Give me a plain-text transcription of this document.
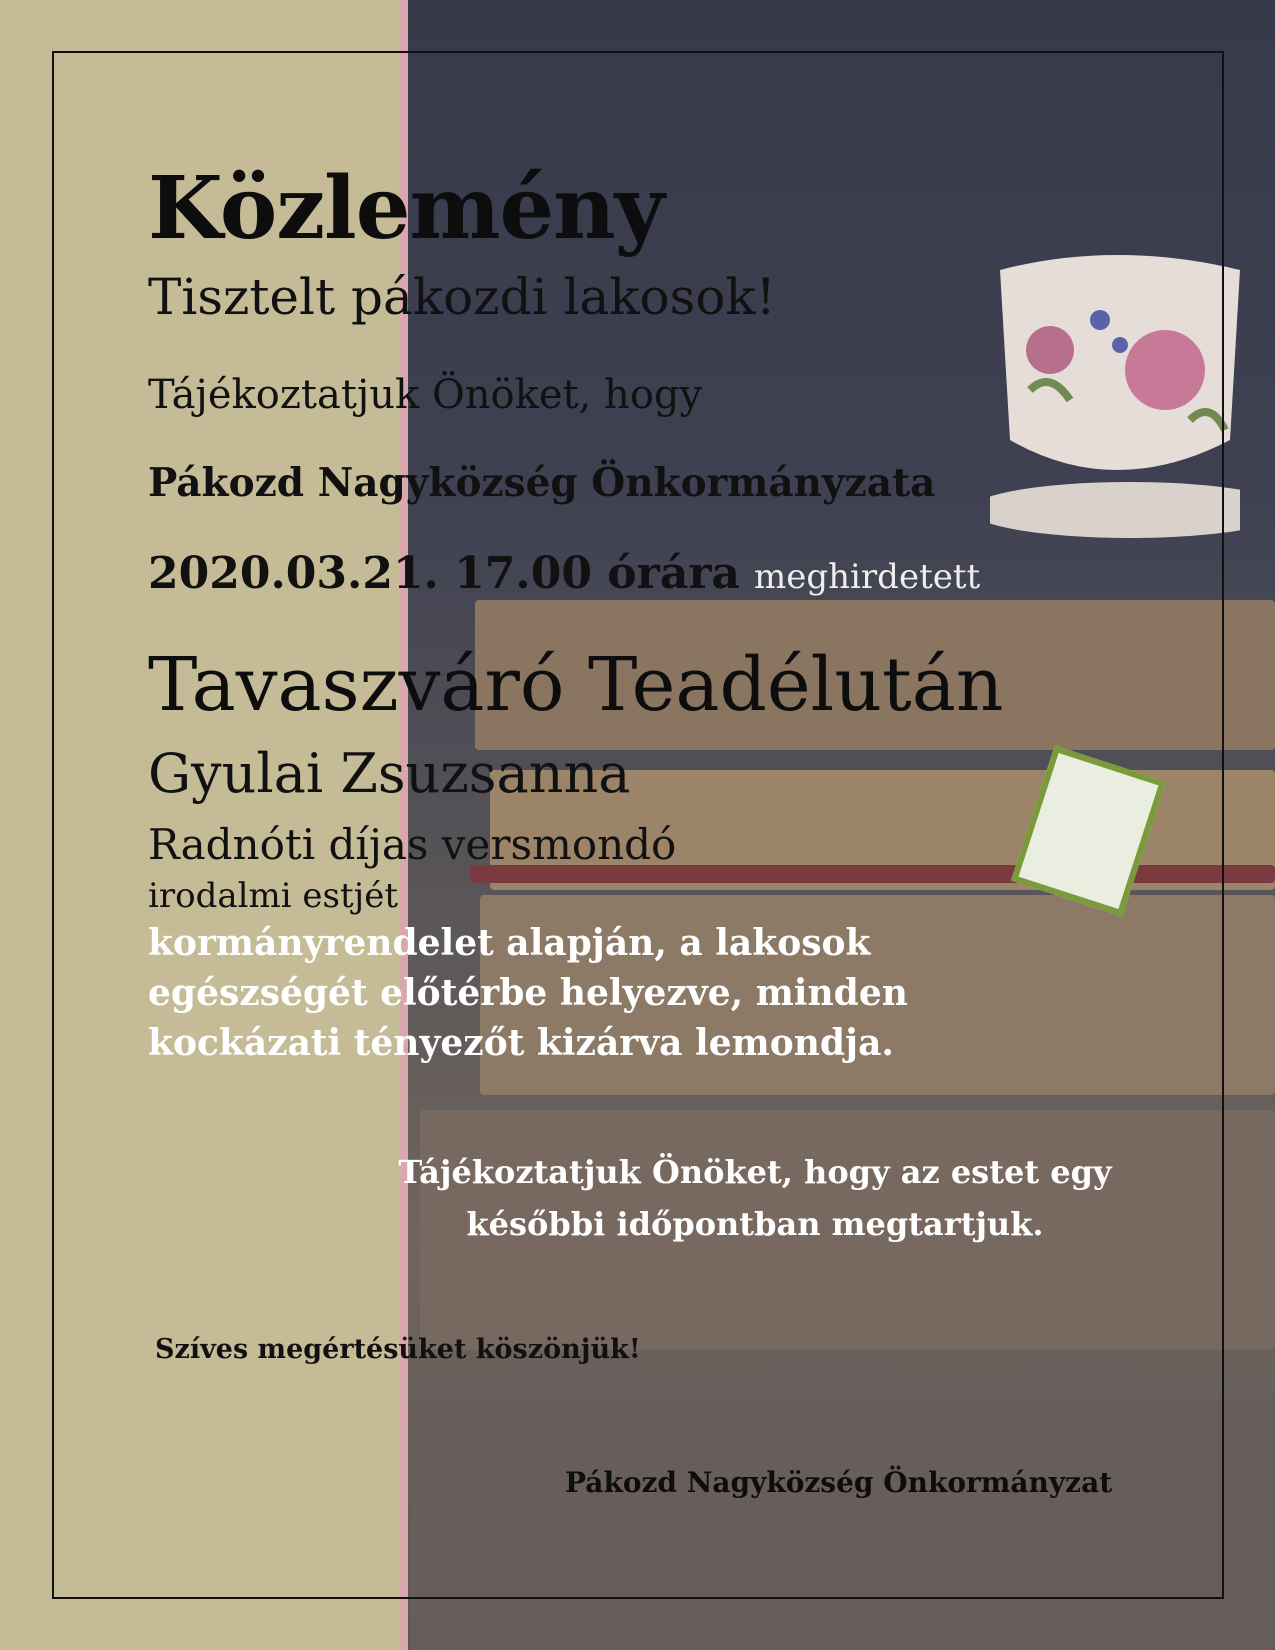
Közlemény

Tisztelt pákozdi lakosok!

Tájékoztatjuk Önöket, hogy

Pákozd Nagyközség Önkormányzata

2020.03.21. 17.00 órára meghirdetett

Tavaszváró Teadélután

Gyulai Zsuzsanna

Radnóti díjas versmondó

irodalmi estjét

kormányrendelet alapján, a lakosok egészségét előtérbe helyezve, minden kockázati tényezőt kizárva lemondja.

Tájékoztatjuk Önöket, hogy az estet egy későbbi időpontban megtartjuk.

Szíves megértésüket köszönjük!

Pákozd Nagyközség Önkormányzat
